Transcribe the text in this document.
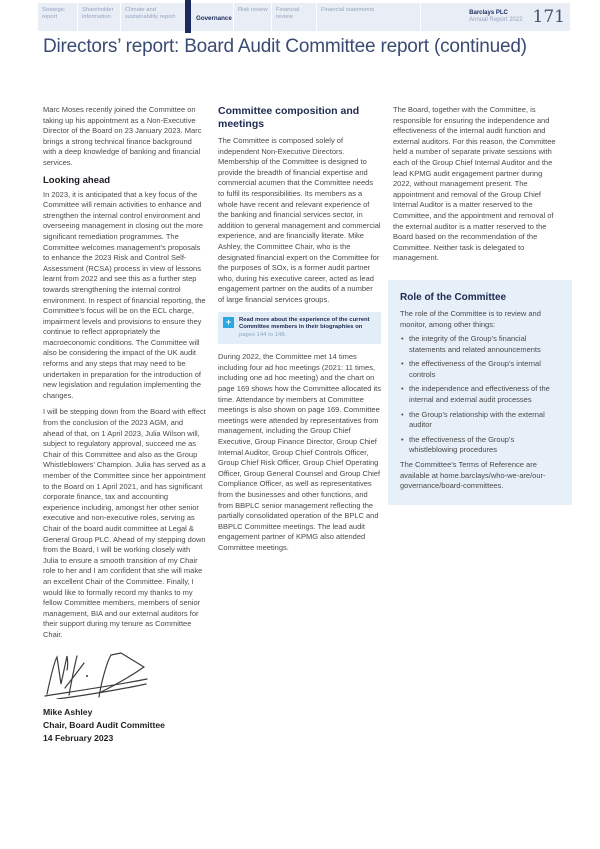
Strategic report
Shareholder information
Climate and sustainability report	Governance
Risk review	Financial review
Financial statements	Barclays PLC
Annual Report 2022 171
Directors’ report: Board Audit Committee report (continued)

Marc Moses recently joined the Committee on taking up his appointment as a Non-Executive Director of the Board on 23 January 2023. Marc brings a strong technical finance background with a deep knowledge of banking and financial services.

Looking ahead

In 2023, it is anticipated that a key focus of the Committee will remain activities to enhance and strengthen the internal control environment and overseeing management in closing out the more significant remediation programmes. The Committee welcomes management’s proposals to enhance the 2023 Risk and Control Self-Assessment (RCSA) process in view of lessons learnt from 2022 and see this as a further step towards strengthening the internal control environment. In respect of financial reporting, the Committee’s focus will be on the ECL charge, impairment levels and provisions to ensure they continue to reflect appropriately the macroeconomic conditions. The Committee will also be considering the impact of the UK audit reforms and any steps that may need to be undertaken in preparation for the introduction of new legislation and regulation implementing the changes.

I will be stepping down from the Board with effect from the conclusion of the 2023 AGM, and ahead of that, on 1 April 2023, Julia Wilson will, subject to regulatory approval, succeed me as Chair of this Committee and also as the Group Whistleblowers’ Champion. Julia has served as a member of the Committee since her appointment to the Board on 1 April 2021, and has significant corporate finance, tax and accounting experience including, amongst her other senior executive and non-executive roles, serving as Chair of the board audit committee at Legal & General Group PLC. Ahead of my stepping down from the Board, I will be working closely with Julia to ensure a smooth transition of my Chair role to her and I am confident that she will make an excellent Chair of the Committee. Finally, I would like to formally record my thanks to my fellow Committee members, members of senior management, BIA and our external auditors for their support during my tenure as Committee Chair.

Mike Ashley
Chair, Board Audit Committee
14 February 2023
Committee composition and meetings

The Committee is composed solely of independent Non-Executive Directors. Membership of the Committee is designed to provide the breadth of financial expertise and commercial acumen that the Committee needs to fulfil its responsibilities. Its members as a whole have recent and relevant experience of the banking and financial services sector, in addition to general management and commercial experience, and are financially literate. Mike Ashley, the Committee Chair, who is the designated financial expert on the Committee for the purposes of SOx, is a former audit partner who, during his executive career, acted as lead engagement partner on the audits of a number of large financial services groups.

+	Read more about the experience of the current Committee members in their biographies on pages 144 to 148.

During 2022, the Committee met 14 times including four ad hoc meetings (2021: 11 times, including one ad hoc meeting) and the chart on page 169 shows how the Committee allocated its time. Attendance by members at Committee meetings is also shown on page 169. Committee meetings were attended by representatives from management, including the Group Chief Executive, Group Finance Director, Group Chief Internal Auditor, Group Chief Controls Officer, Group Chief Risk Officer, Group Chief Operating Officer, Group General Counsel and Group Chief Compliance Officer, as well as representatives from the businesses and other functions, and from BBPLC senior management reflecting the partially consolidated operation of the BPLC and BBPLC Committee meetings. The lead audit engagement partner of KPMG also attended Committee meetings.

The Board, together with the Committee, is responsible for ensuring the independence and effectiveness of the internal audit function and external auditors. For this reason, the Committee held a number of separate private sessions with each of the Group Chief Internal Auditor and the lead KPMG audit engagement partner during 2022, without management present. The appointment and removal of the Group Chief Internal Auditor is a matter reserved to the Committee, and the appointment and removal of the external auditor is a matter reserved to the Board based on the recommendation of the Committee. Neither task is delegated to management.

Role of the Committee

The role of the Committee is to review and monitor, among other things:

• the integrity of the Group’s financial statements and related announcements
• the effectiveness of the Group’s internal controls
• the independence and effectiveness of the internal and external audit processes
• the Group’s relationship with the external auditor
• the effectiveness of the Group’s whistleblowing procedures

The Committee’s Terms of Reference are available at home.barclays/who-we-are/our-governance/board-committees.
